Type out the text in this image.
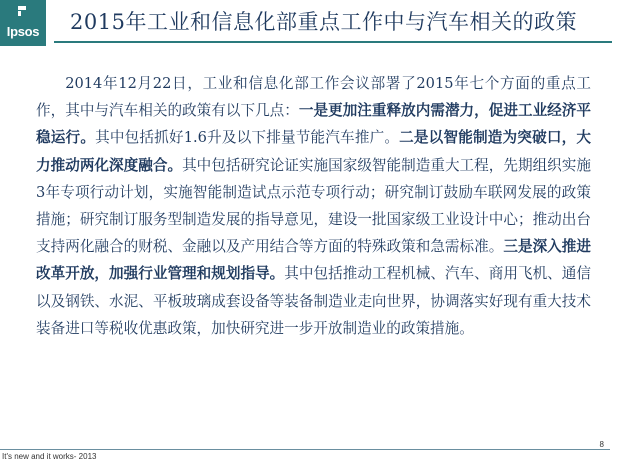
Ipsos	2015年工业和信息化部重点工作中与汽车相关的政策
2014年12月22日，工业和信息化部工作会议部署了2015年七个方面的重点工作，其中与汽车相关的政策有以下几点：一是更加注重释放内需潜力，促进工业经济平稳运行。其中包括抓好1.6升及以下排量节能汽车推广。二是以智能制造为突破口，大力推动两化深度融合。其中包括研究论证实施国家级智能制造重大工程，先期组织实施3年专项行动计划，实施智能制造试点示范专项行动；研究制订鼓励车联网发展的政策措施；研究制订服务型制造发展的指导意见，建设一批国家级工业设计中心；推动出台支持两化融合的财税、金融以及产用结合等方面的特殊政策和急需标准。三是深入推进改革开放，加强行业管理和规划指导。其中包括推动工程机械、汽车、商用飞机、通信以及钢铁、水泥、平板玻璃成套设备等装备制造业走向世界，协调落实好现有重大技术装备进口等税收优惠政策，加快研究进一步开放制造业的政策措施。
8
It's new and it works- 2013
